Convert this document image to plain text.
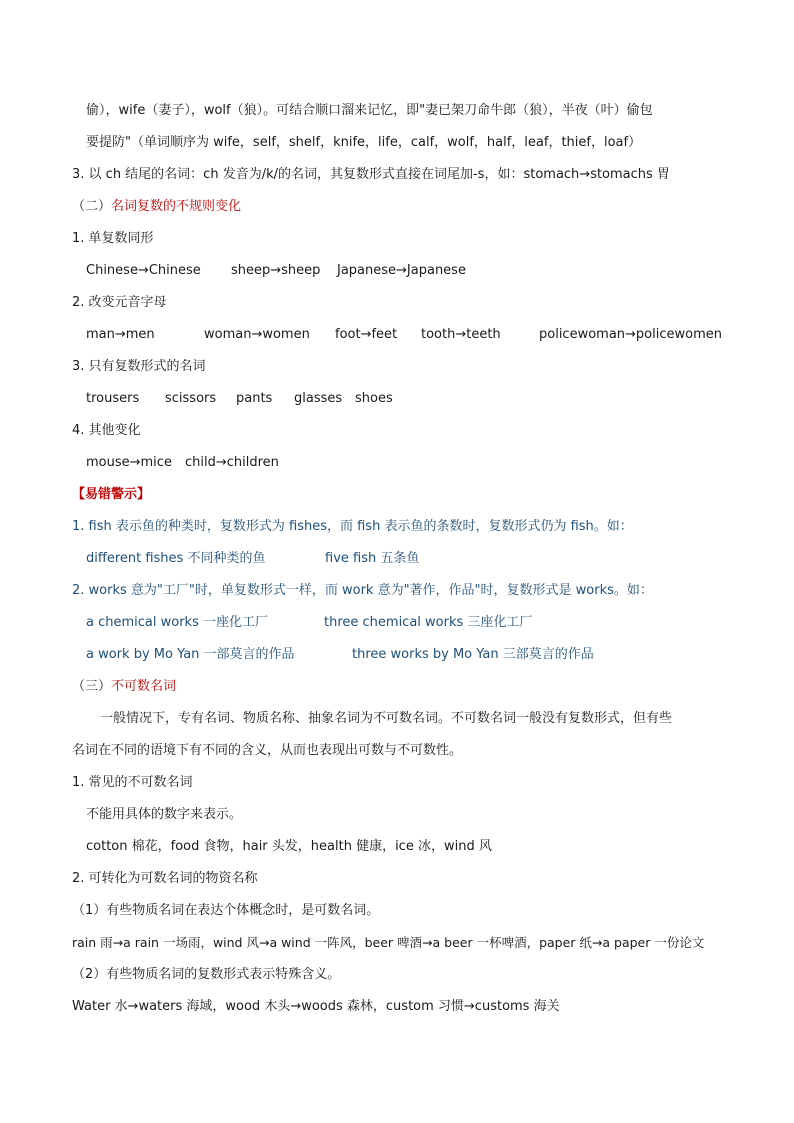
偷），wife（妻子），wolf（狼）。可结合顺口溜来记忆，即"妻已架刀命牛郎（狼），半夜（叶）偷包
要提防"（单词顺序为 wife，self，shelf，knife，life，calf，wolf，half，leaf，thief，loaf）
3. 以 ch 结尾的名词：ch 发音为/k/的名词，其复数形式直接在词尾加-s，如：stomach→stomachs 胃
（二）名词复数的不规则变化
1. 单复数同形
Chinese→Chinese sheep→sheep Japanese→Japanese
2. 改变元音字母
man→men	woman→women foot→feet tooth→teeth	policewoman→policewomen
3. 只有复数形式的名词
trousers scissors pants glasses shoes
4. 其他变化
mouse→mice child→children
【易错警示】
1. fish 表示鱼的种类时，复数形式为 fishes，而 fish 表示鱼的条数时，复数形式仍为 fish。如：
different fishes 不同种类的鱼	five fish 五条鱼
2. works 意为"工厂"时，单复数形式一样，而 work 意为"著作，作品"时，复数形式是 works。如：
a chemical works 一座化工厂	three chemical works 三座化工厂
a work by Mo Yan 一部莫言的作品	three works by Mo Yan 三部莫言的作品
（三）不可数名词
一般情况下，专有名词、物质名称、抽象名词为不可数名词。不可数名词一般没有复数形式，但有些
名词在不同的语境下有不同的含义，从而也表现出可数与不可数性。
1. 常见的不可数名词
不能用具体的数字来表示。
cotton 棉花，food 食物，hair 头发，health 健康，ice 冰，wind 风
2. 可转化为可数名词的物资名称
（1）有些物质名词在表达个体概念时，是可数名词。
rain 雨→a rain 一场雨，wind 风→a wind 一阵风，beer 啤酒→a beer 一杯啤酒，paper 纸→a paper 一份论文
（2）有些物质名词的复数形式表示特殊含义。
Water 水→waters 海域，wood 木头→woods 森林，custom 习惯→customs 海关
